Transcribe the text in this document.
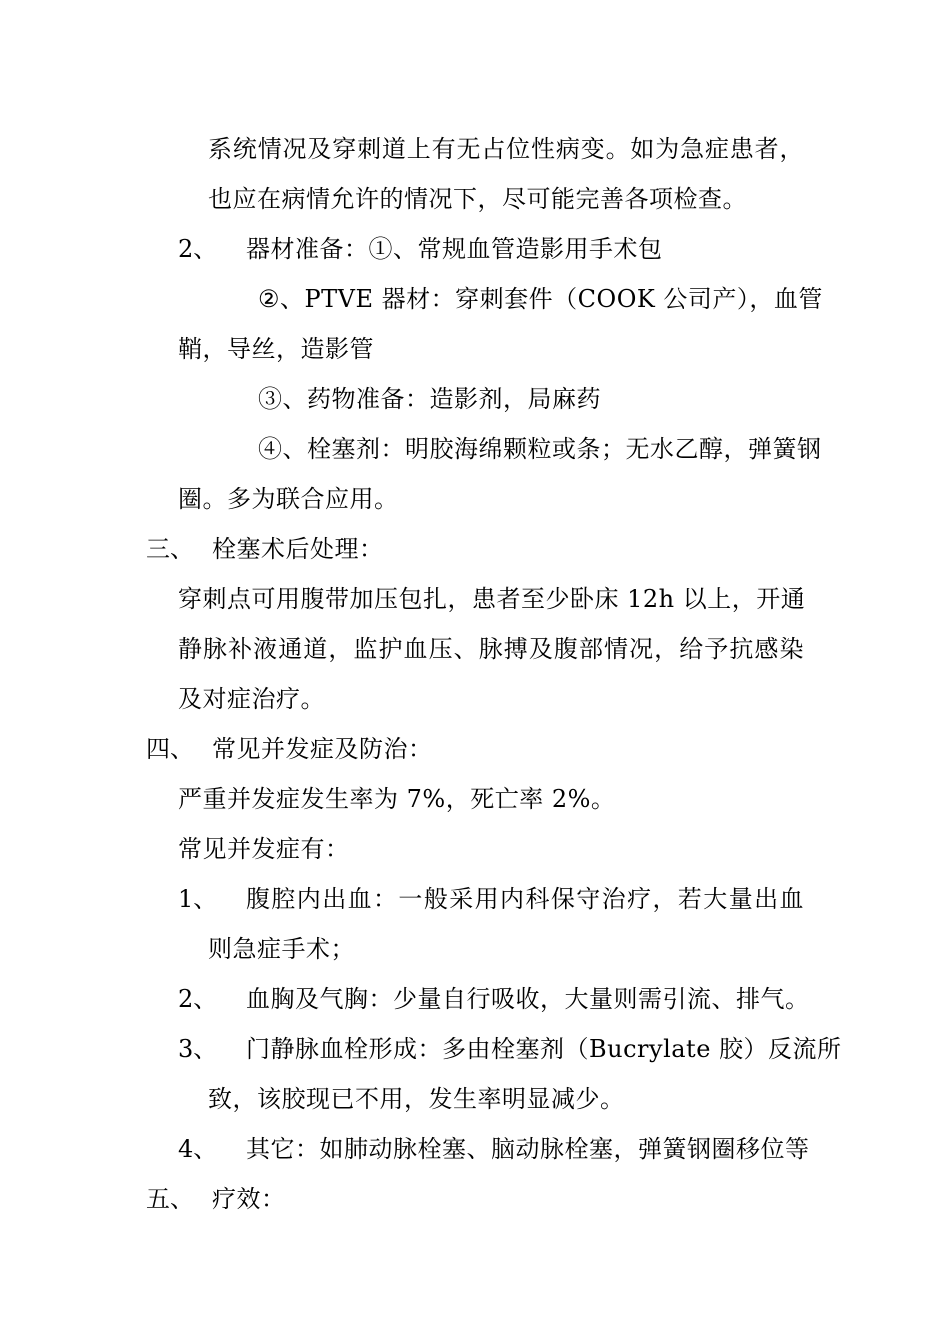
系统情况及穿刺道上有无占位性病变。如为急症患者，
也应在病情允许的情况下，尽可能完善各项检查。
2、 器材准备：①、常规血管造影用手术包
②、PTVE 器材：穿刺套件（COOK 公司产），血管
鞘，导丝，造影管
③、药物准备：造影剂，局麻药
④、栓塞剂：明胶海绵颗粒或条；无水乙醇，弹簧钢
圈。多为联合应用。
三、 栓塞术后处理：
穿刺点可用腹带加压包扎，患者至少卧床 12h 以上，开通
静脉补液通道，监护血压、脉搏及腹部情况，给予抗感染
及对症治疗。
四、 常见并发症及防治：
严重并发症发生率为 7%，死亡率 2%。
常见并发症有：
1、 腹腔内出血：一般采用内科保守治疗，若大量出血
则急症手术；
2、 血胸及气胸：少量自行吸收，大量则需引流、排气。
3、 门静脉血栓形成：多由栓塞剂（Bucrylate 胶）反流所
致，该胶现已不用，发生率明显减少。
4、 其它：如肺动脉栓塞、脑动脉栓塞，弹簧钢圈移位等
五、 疗效：
